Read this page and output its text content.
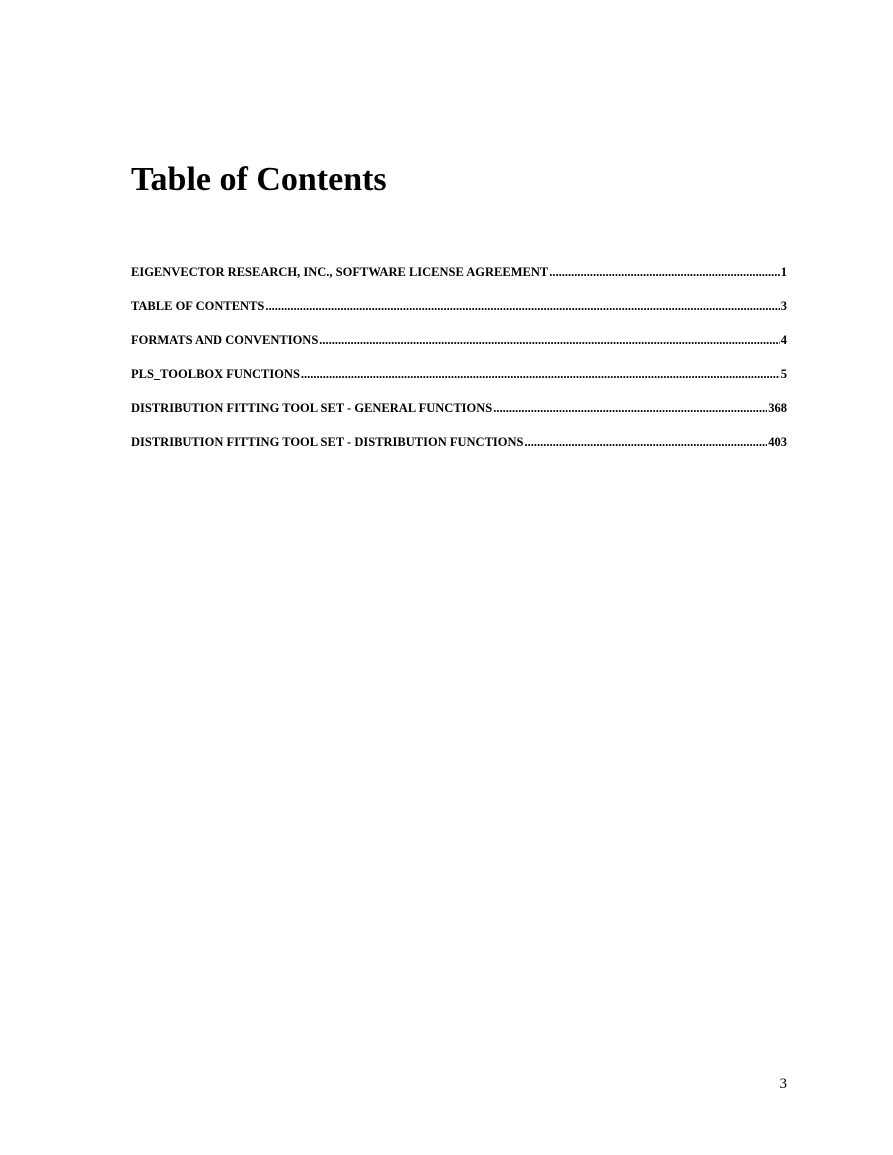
Table of Contents
EIGENVECTOR RESEARCH, INC., SOFTWARE LICENSE AGREEMENT .....	1
TABLE OF CONTENTS .....	3
FORMATS AND CONVENTIONS .....	4
PLS_TOOLBOX FUNCTIONS .....	5
DISTRIBUTION FITTING TOOL SET - GENERAL FUNCTIONS .....	368
DISTRIBUTION FITTING TOOL SET - DISTRIBUTION FUNCTIONS .....	403
3
